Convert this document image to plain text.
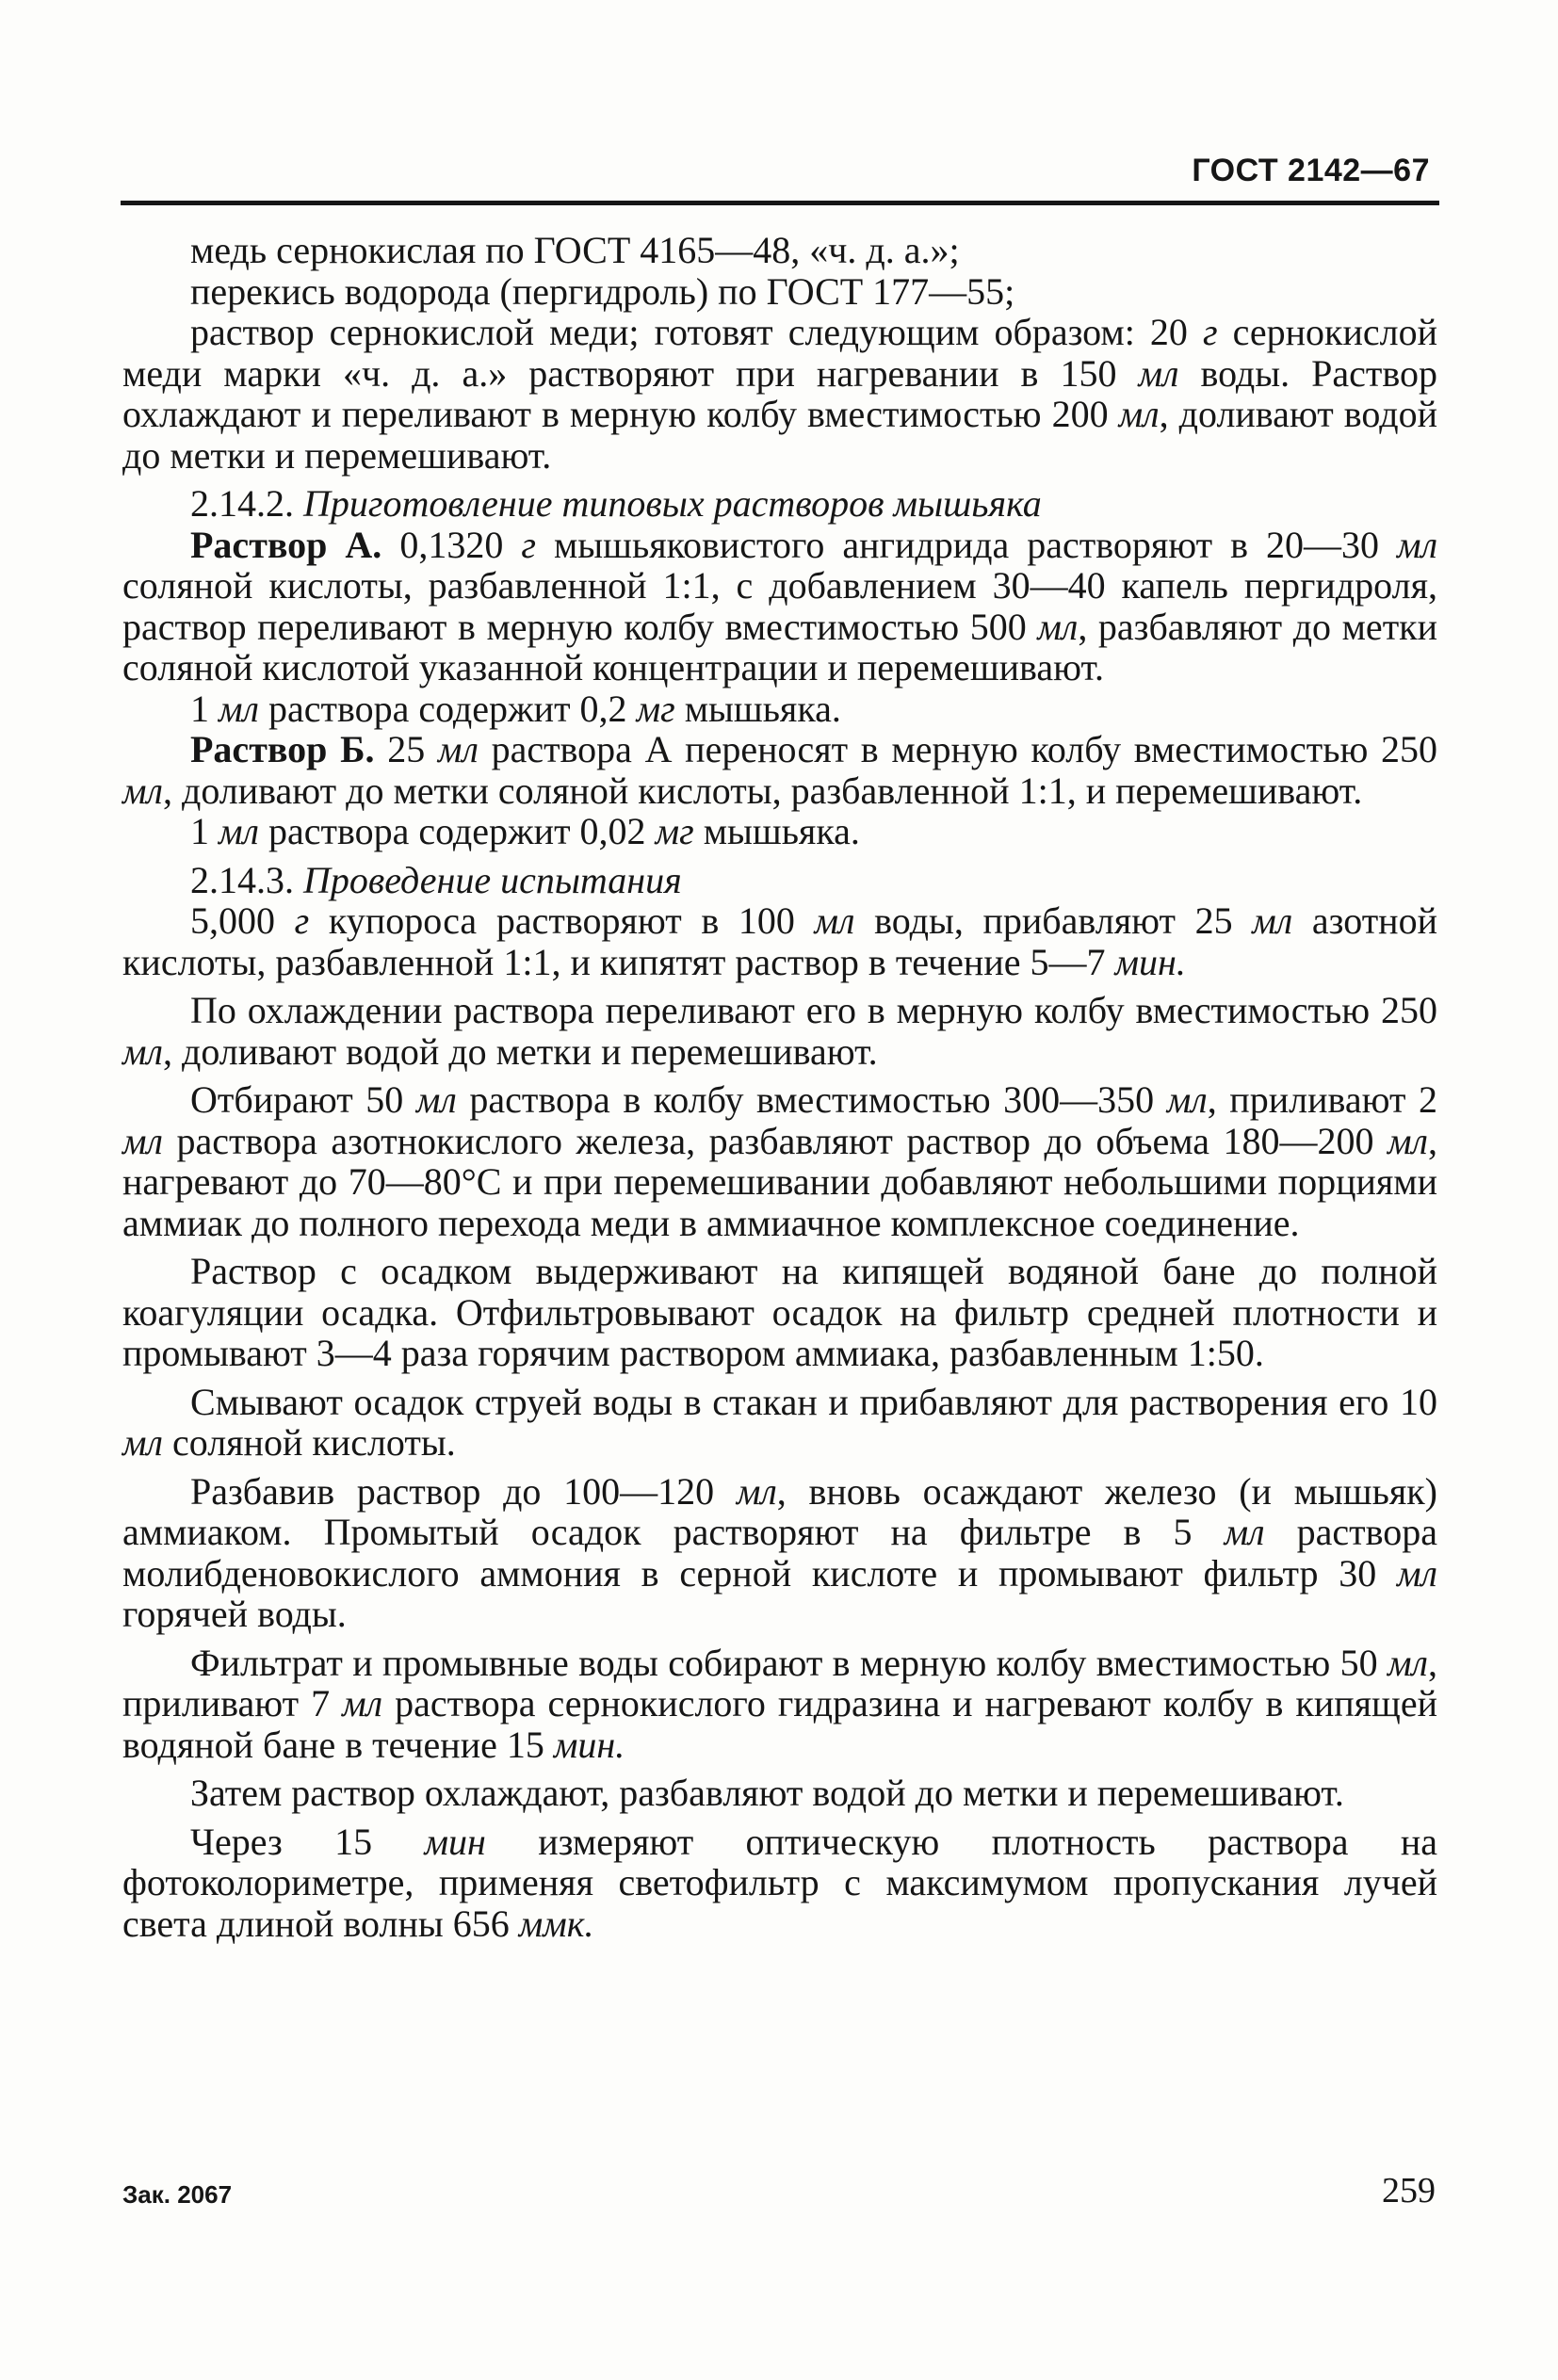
ГОСТ 2142—67

медь сернокислая по ГОСТ 4165—48, «ч. д. а.»;

перекись водорода (пергидроль) по ГОСТ 177—55;

раствор сернокислой меди; готовят следующим образом: 20 г сернокислой меди марки «ч. д. а.» растворяют при нагревании в 150 мл воды. Раствор охлаждают и переливают в мерную колбу вместимостью 200 мл, доливают водой до метки и перемешивают.

2.14.2. Приготовление типовых растворов мышьяка

Раствор А. 0,1320 г мышьяковистого ангидрида растворяют в 20—30 мл соляной кислоты, разбавленной 1:1, с добавлением 30—40 капель пергидроля, раствор переливают в мерную колбу вместимостью 500 мл, разбавляют до метки соляной кислотой указанной концентрации и перемешивают.

1 мл раствора содержит 0,2 мг мышьяка.

Раствор Б. 25 мл раствора А переносят в мерную колбу вместимостью 250 мл, доливают до метки соляной кислоты, разбавленной 1:1, и перемешивают.

1 мл раствора содержит 0,02 мг мышьяка.

2.14.3. Проведение испытания

5,000 г купороса растворяют в 100 мл воды, прибавляют 25 мл азотной кислоты, разбавленной 1:1, и кипятят раствор в течение 5—7 мин.

По охлаждении раствора переливают его в мерную колбу вместимостью 250 мл, доливают водой до метки и перемешивают.

Отбирают 50 мл раствора в колбу вместимостью 300—350 мл, приливают 2 мл раствора азотнокислого железа, разбавляют раствор до объема 180—200 мл, нагревают до 70—80°C и при перемешивании добавляют небольшими порциями аммиак до полного перехода меди в аммиачное комплексное соединение.

Раствор с осадком выдерживают на кипящей водяной бане до полной коагуляции осадка. Отфильтровывают осадок на фильтр средней плотности и промывают 3—4 раза горячим раствором аммиака, разбавленным 1:50.

Смывают осадок струей воды в стакан и прибавляют для растворения его 10 мл соляной кислоты.

Разбавив раствор до 100—120 мл, вновь осаждают железо (и мышьяк) аммиаком. Промытый осадок растворяют на фильтре в 5 мл раствора молибденовокислого аммония в серной кислоте и промывают фильтр 30 мл горячей воды.

Фильтрат и промывные воды собирают в мерную колбу вместимостью 50 мл, приливают 7 мл раствора сернокислого гидразина и нагревают колбу в кипящей водяной бане в течение 15 мин.

Затем раствор охлаждают, разбавляют водой до метки и перемешивают.

Через 15 мин измеряют оптическую плотность раствора на фотоколориметре, применяя светофильтр с максимумом пропускания лучей света длиной волны 656 ммк.

Зак. 2067	259
